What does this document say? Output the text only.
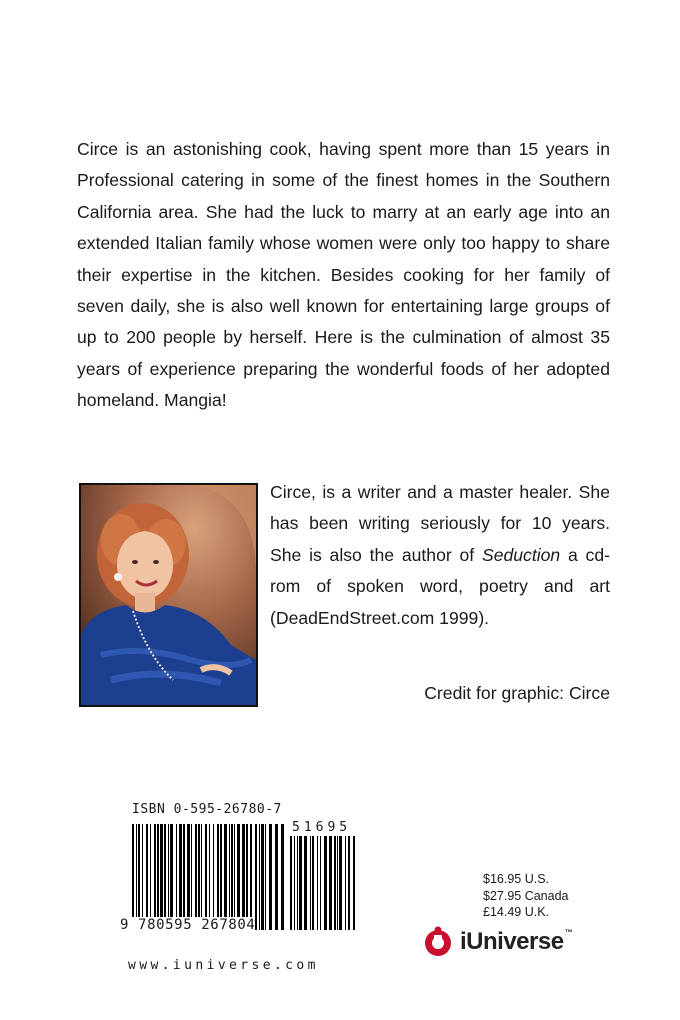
Circe is an astonishing cook, having spent more than 15 years in Professional catering in some of the finest homes in the Southern California area. She had the luck to marry at an early age into an extended Italian family whose women were only too happy to share their expertise in the kitchen. Besides cooking for her family of seven daily, she is also well known for entertaining large groups of up to 200 people by herself. Here is the culmination of almost 35 years of experience preparing the wonderful foods of her adopted homeland. Mangia!

Circe, is a writer and a master healer. She has been writing seriously for 10 years. She is also the author of Seduction a cd-rom of spoken word, poetry and art (DeadEndStreet.com 1999).

Credit for graphic: Circe

ISBN 0-595-26780-7
51695
9 780595 267804

www.iuniverse.com

$16.95 U.S.
$27.95 Canada
£14.49 U.K.
iUniverse™
